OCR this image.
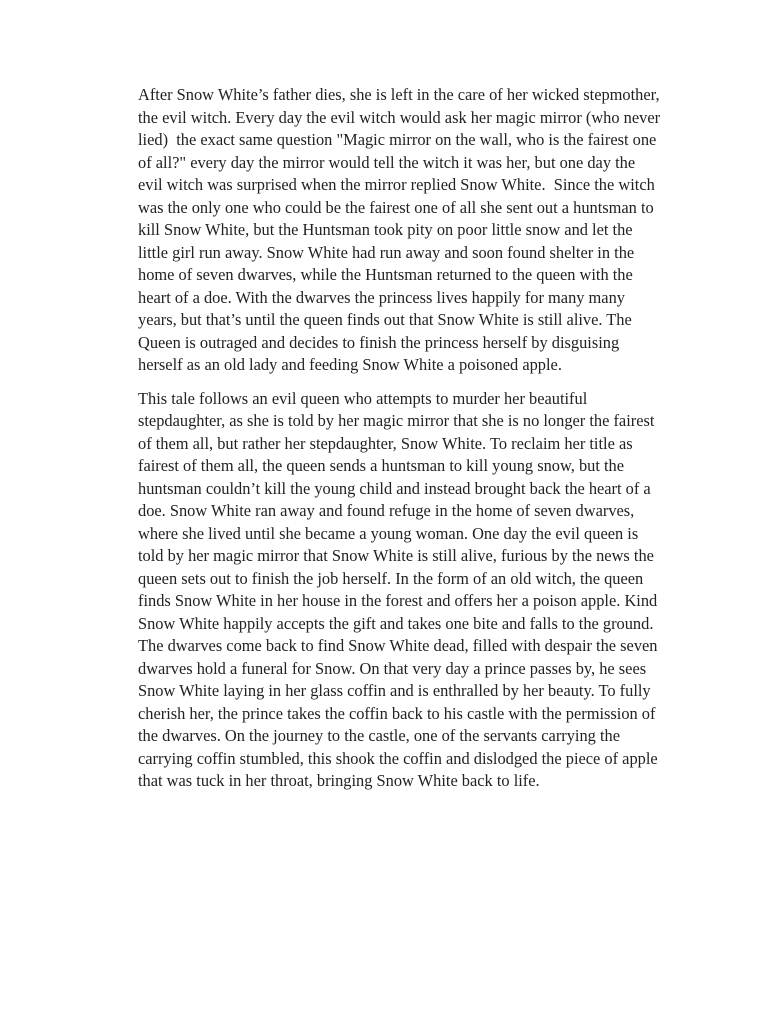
After Snow White’s father dies, she is left in the care of her wicked stepmother,
the evil witch. Every day the evil witch would ask her magic mirror (who never
lied)  the exact same question "Magic mirror on the wall, who is the fairest one
of all?" every day the mirror would tell the witch it was her, but one day the
evil witch was surprised when the mirror replied Snow White.  Since the witch
was the only one who could be the fairest one of all she sent out a huntsman to
kill Snow White, but the Huntsman took pity on poor little snow and let the
little girl run away. Snow White had run away and soon found shelter in the
home of seven dwarves, while the Huntsman returned to the queen with the
heart of a doe. With the dwarves the princess lives happily for many many
years, but that’s until the queen finds out that Snow White is still alive. The
Queen is outraged and decides to finish the princess herself by disguising
herself as an old lady and feeding Snow White a poisoned apple.

This tale follows an evil queen who attempts to murder her beautiful
stepdaughter, as she is told by her magic mirror that she is no longer the fairest
of them all, but rather her stepdaughter, Snow White. To reclaim her title as
fairest of them all, the queen sends a huntsman to kill young snow, but the
huntsman couldn’t kill the young child and instead brought back the heart of a
doe. Snow White ran away and found refuge in the home of seven dwarves,
where she lived until she became a young woman. One day the evil queen is
told by her magic mirror that Snow White is still alive, furious by the news the
queen sets out to finish the job herself. In the form of an old witch, the queen
finds Snow White in her house in the forest and offers her a poison apple. Kind
Snow White happily accepts the gift and takes one bite and falls to the ground.
The dwarves come back to find Snow White dead, filled with despair the seven
dwarves hold a funeral for Snow. On that very day a prince passes by, he sees
Snow White laying in her glass coffin and is enthralled by her beauty. To fully
cherish her, the prince takes the coffin back to his castle with the permission of
the dwarves. On the journey to the castle, one of the servants carrying the
carrying coffin stumbled, this shook the coffin and dislodged the piece of apple
that was tuck in her throat, bringing Snow White back to life.
